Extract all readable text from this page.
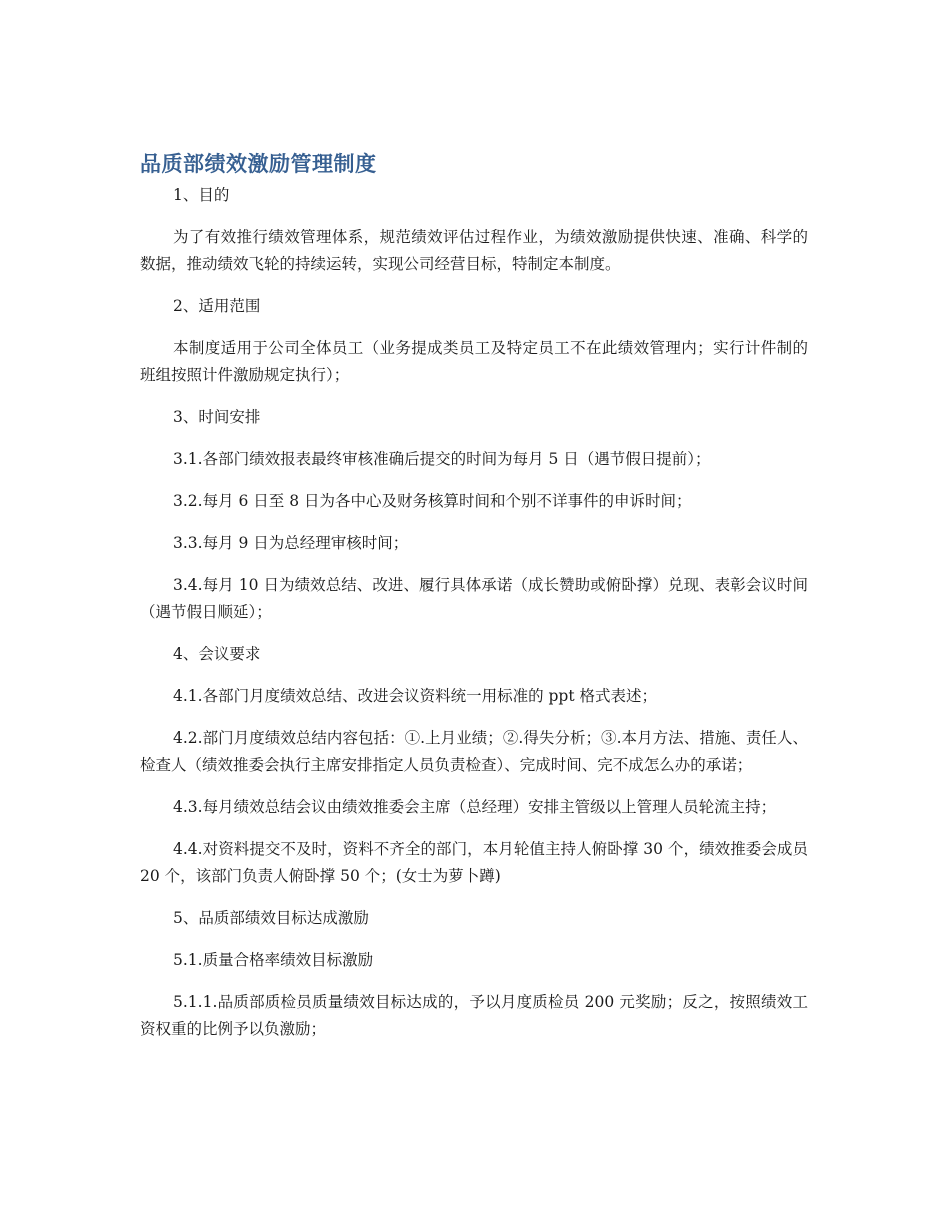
品质部绩效激励管理制度

1、目的

为了有效推行绩效管理体系，规范绩效评估过程作业，为绩效激励提供快速、准确、科学的数据，推动绩效飞轮的持续运转，实现公司经营目标，特制定本制度。

2、适用范围

本制度适用于公司全体员工（业务提成类员工及特定员工不在此绩效管理内；实行计件制的班组按照计件激励规定执行）；

3、时间安排

3.1.各部门绩效报表最终审核准确后提交的时间为每月 5 日（遇节假日提前）；

3.2.每月 6 日至 8 日为各中心及财务核算时间和个别不详事件的申诉时间；

3.3.每月 9 日为总经理审核时间；

3.4.每月 10 日为绩效总结、改进、履行具体承诺（成长赞助或俯卧撑）兑现、表彰会议时间（遇节假日顺延）；

4、会议要求

4.1.各部门月度绩效总结、改进会议资料统一用标准的 ppt 格式表述；

4.2.部门月度绩效总结内容包括：①.上月业绩；②.得失分析；③.本月方法、措施、责任人、检查人（绩效推委会执行主席安排指定人员负责检查）、完成时间、完不成怎么办的承诺；

4.3.每月绩效总结会议由绩效推委会主席（总经理）安排主管级以上管理人员轮流主持；

4.4.对资料提交不及时，资料不齐全的部门，本月轮值主持人俯卧撑 30 个，绩效推委会成员 20 个，该部门负责人俯卧撑 50 个；(女士为萝卜蹲)

5、品质部绩效目标达成激励

5.1.质量合格率绩效目标激励

5.1.1.品质部质检员质量绩效目标达成的，予以月度质检员 200 元奖励；反之，按照绩效工资权重的比例予以负激励；
